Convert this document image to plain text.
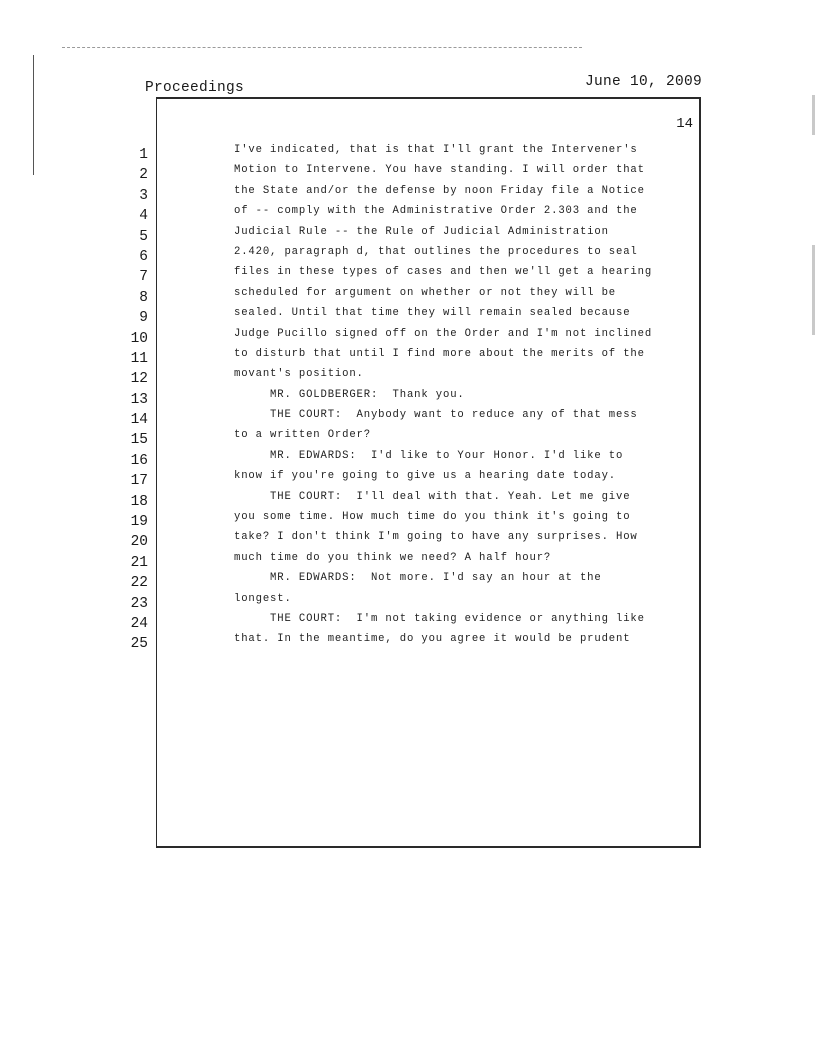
Proceedings	June 10, 2009
14
1
2
3
4
5
6
7
8
9
10
11
12
13
14
15
16
17
18
19
20
21
22
23
24
25
I've indicated, that is that I'll grant the Intervener's
Motion to Intervene. You have standing. I will order that
the State and/or the defense by noon Friday file a Notice
of -- comply with the Administrative Order 2.303 and the
Judicial Rule -- the Rule of Judicial Administration
2.420, paragraph d, that outlines the procedures to seal
files in these types of cases and then we'll get a hearing
scheduled for argument on whether or not they will be
sealed. Until that time they will remain sealed because
Judge Pucillo signed off on the Order and I'm not inclined
to disturb that until I find more about the merits of the
movant's position.
MR. GOLDBERGER:  Thank you.
THE COURT:  Anybody want to reduce any of that mess
to a written Order?
MR. EDWARDS:  I'd like to Your Honor. I'd like to
know if you're going to give us a hearing date today.
THE COURT:  I'll deal with that. Yeah. Let me give
you some time. How much time do you think it's going to
take? I don't think I'm going to have any surprises. How
much time do you think we need? A half hour?
MR. EDWARDS:  Not more. I'd say an hour at the
longest.
THE COURT:  I'm not taking evidence or anything like
that. In the meantime, do you agree it would be prudent
